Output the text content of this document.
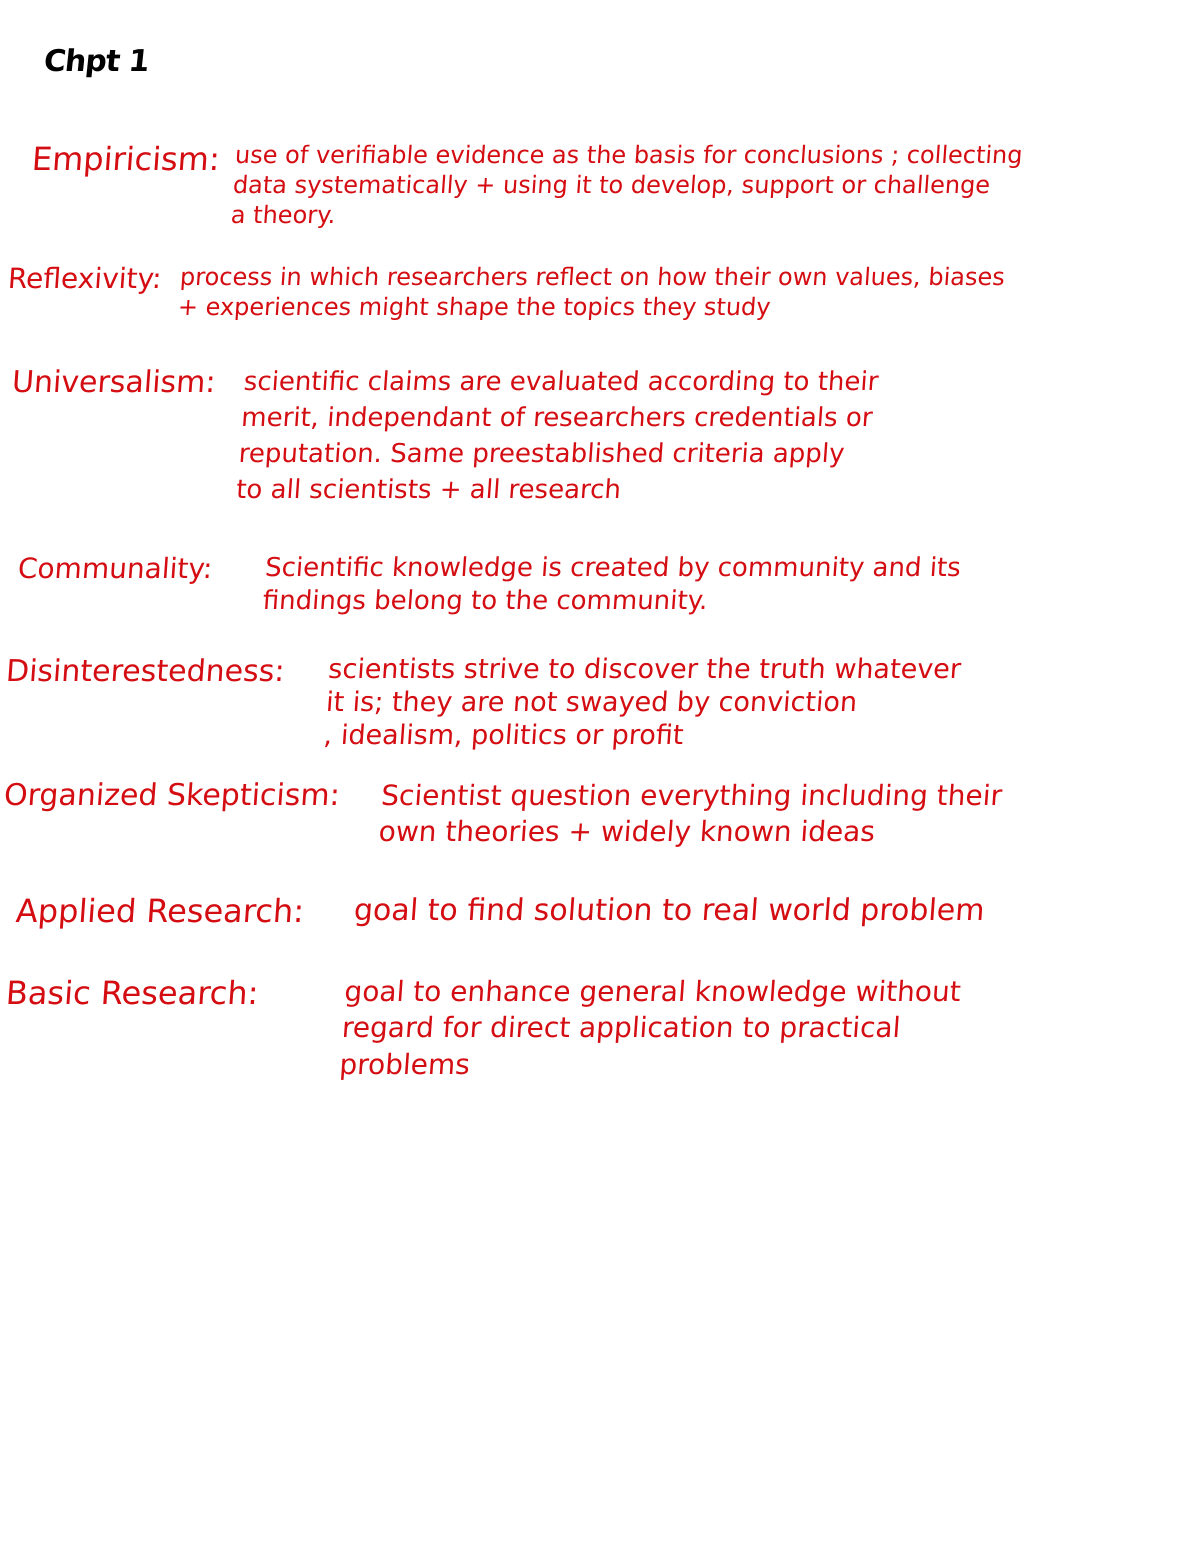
Chpt 1
Empiricism: use of verifiable evidence as the basis for conclusions ; collecting
data systematically + using it to develop, support or challenge
a theory.
Reflexivity: process in which researchers reflect on how their own values, biases
+ experiences might shape the topics they study
Universalism:	scientific claims are evaluated according to their
merit, independant of researchers credentials or
reputation. Same preestablished criteria apply
to all scientists + all research
Communality:	Scientific knowledge is created by community and its
findings belong to the community.
Disinterestedness:	scientists strive to discover the truth whatever
it is; they are not swayed by conviction
, idealism, politics or profit
Organized Skepticism:	Scientist question everything including their
own theories + widely known ideas
Applied Research:	goal to find solution to real world problem
Basic Research:	goal to enhance general knowledge without
regard for direct application to practical
problems
